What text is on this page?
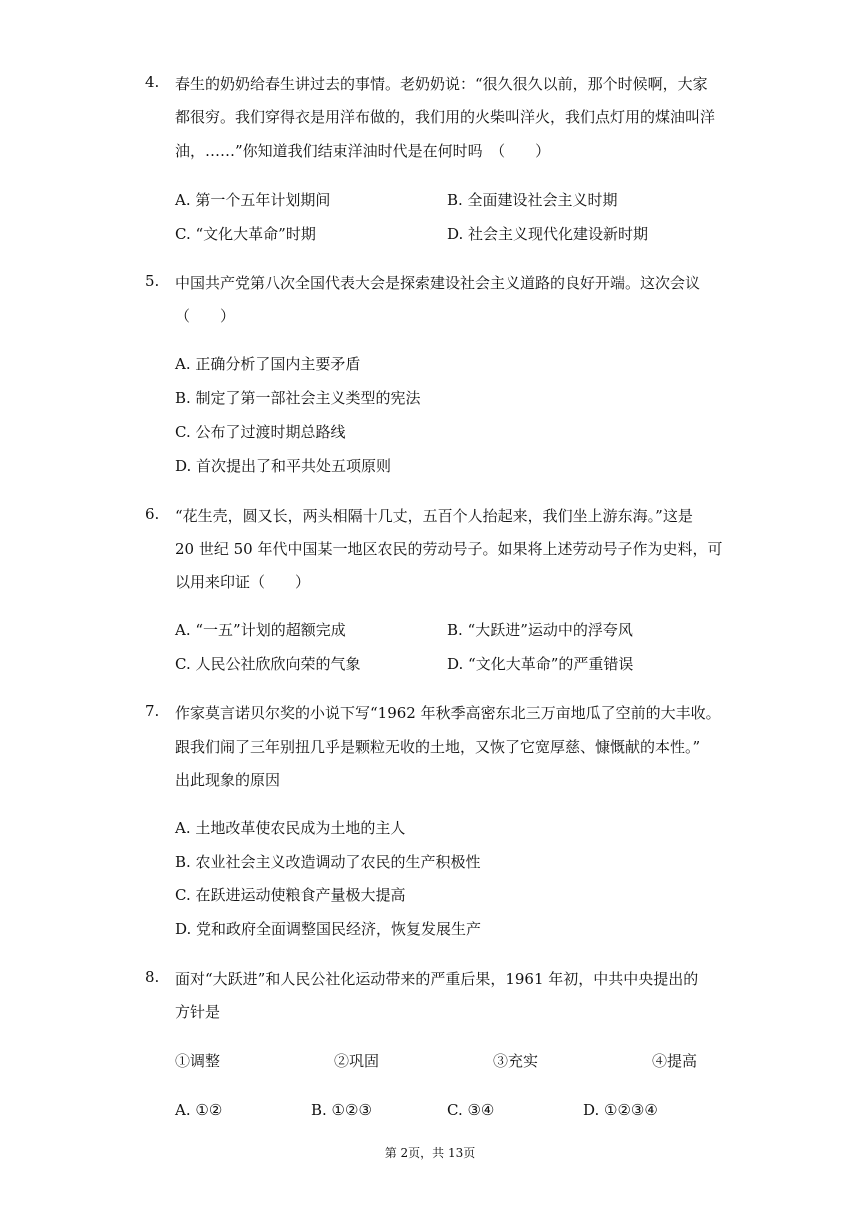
4. 春生的奶奶给春生讲过去的事情。老奶奶说：“很久很久以前，那个时候啊，大家
都很穷。我们穿得衣是用洋布做的，我们用的火柴叫洋火，我们点灯用的煤油叫洋
油，……”你知道我们结束洋油时代是在何时吗　（　　）
A. 第一个五年计划期间	B. 全面建设社会主义时期
C. “文化大革命”时期	D. 社会主义现代化建设新时期
5. 中国共产党第八次全国代表大会是探索建设社会主义道路的良好开端。这次会议
（　　）
A. 正确分析了国内主要矛盾
B. 制定了第一部社会主义类型的宪法
C. 公布了过渡时期总路线
D. 首次提出了和平共处五项原则
6. “花生壳，圆又长，两头相隔十几丈，五百个人抬起来，我们坐上游东海。”这是
20 世纪 50 年代中国某一地区农民的劳动号子。如果将上述劳动号子作为史料，可
以用来印证（　　）
A. “一五”计划的超额完成	B. “大跃进”运动中的浮夸风
C. 人民公社欣欣向荣的气象	D. “文化大革命”的严重错误
7. 作家莫言诺贝尔奖的小说下写“1962 年秋季高密东北三万亩地瓜了空前的大丰收。
跟我们闹了三年别扭几乎是颗粒无收的土地，又恢了它宽厚慈、慷慨献的本性。”
出此现象的原因
A. 土地改革使农民成为土地的主人
B. 农业社会主义改造调动了农民的生产积极性
C. 在跃进运动使粮食产量极大提高
D. 党和政府全面调整国民经济，恢复发展生产
8. 面对“大跃进”和人民公社化运动带来的严重后果，1961 年初，中共中央提出的
方针是
①调整	②巩固	③充实	④提高
A. ①②	B. ①②③	C. ③④	D. ①②③④
第 2页，共 13页
